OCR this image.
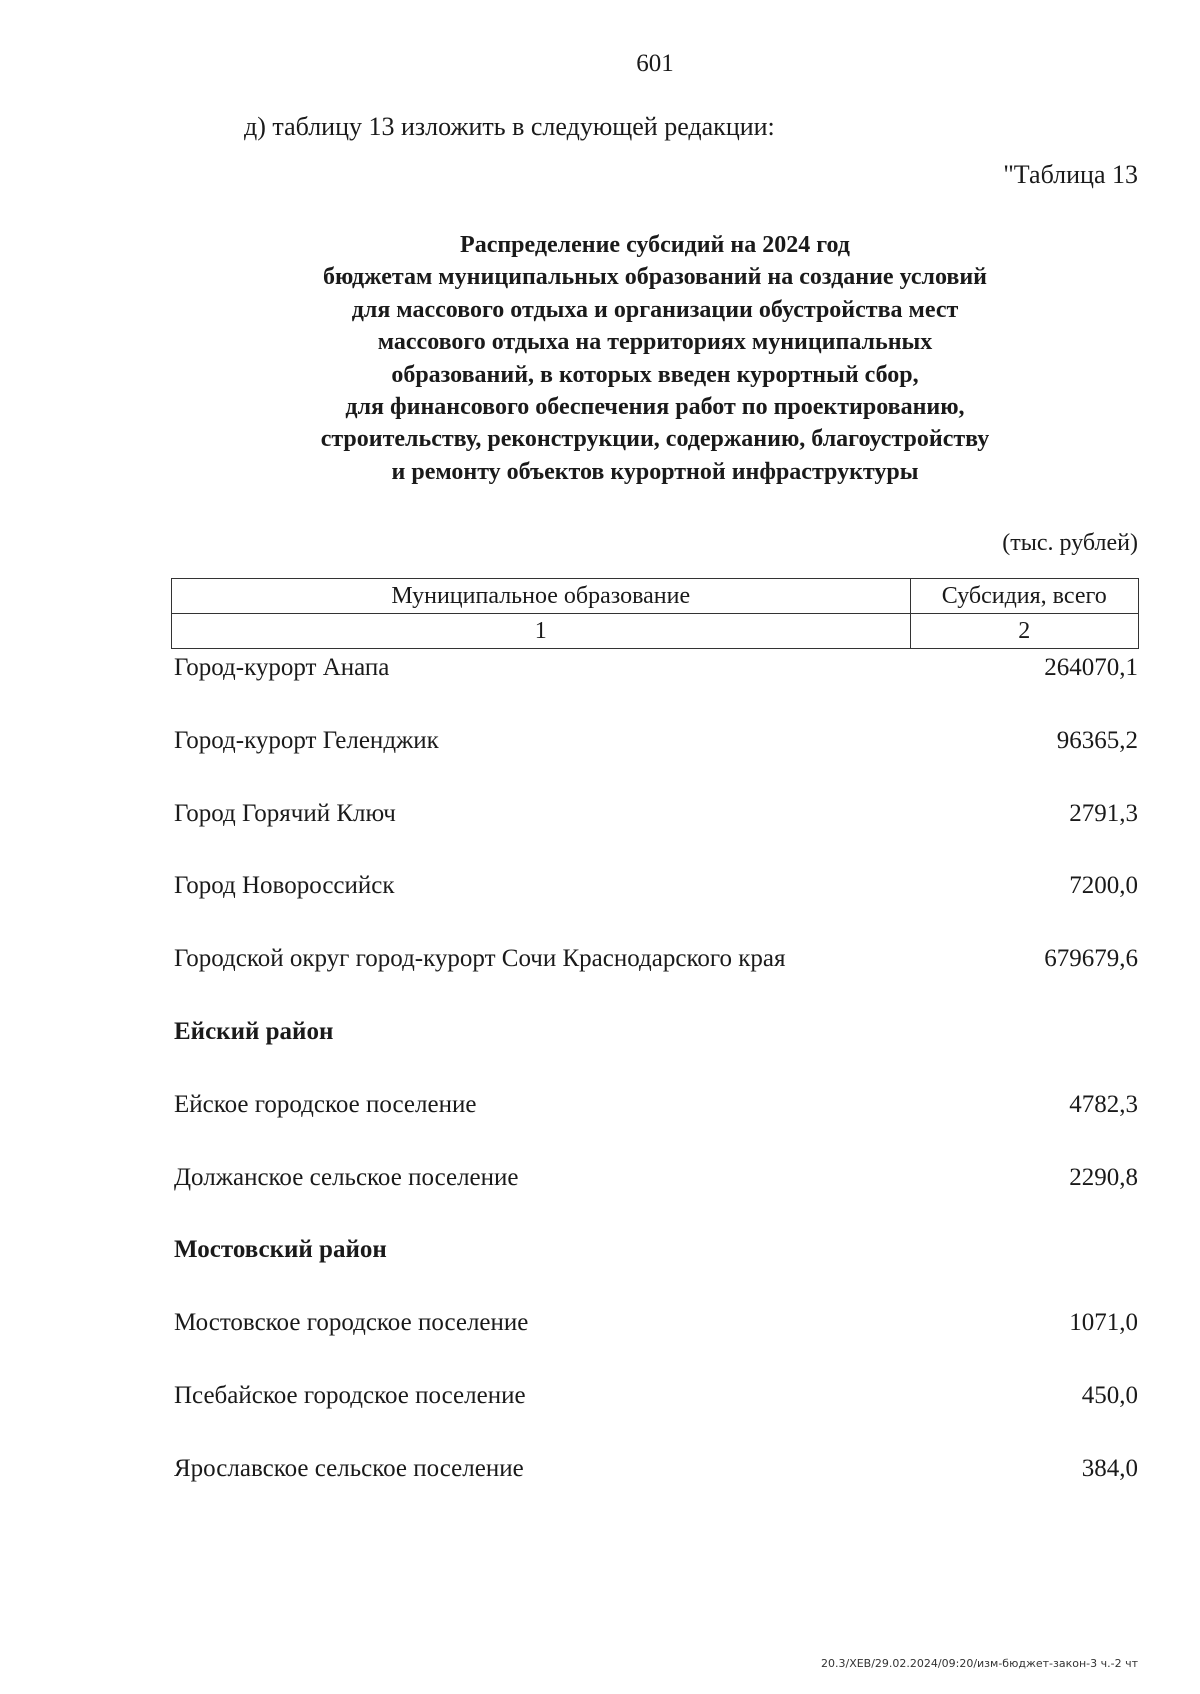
601
д) таблицу 13 изложить в следующей редакции:
"Таблица 13
Распределение субсидий на 2024 год
бюджетам муниципальных образований на создание условий
для массового отдыха и организации обустройства мест
массового отдыха на территориях муниципальных
образований, в которых введен курортный сбор,
для финансового обеспечения работ по проектированию,
строительству, реконструкции, содержанию, благоустройству
и ремонту объектов курортной инфраструктуры
(тыс. рублей)
Муниципальное образование	Субсидия, всего
1	2
Город-курорт Анапа	264070,1
Город-курорт Геленджик	96365,2
Город Горячий Ключ	2791,3
Город Новороссийск	7200,0
Городской округ город-курорт Сочи Краснодарского края	679679,6
Ейский район
Ейское городское поселение	4782,3
Должанское сельское поселение	2290,8
Мостовский район
Мостовское городское поселение	1071,0
Псебайское городское поселение	450,0
Ярославское сельское поселение	384,0
20.3/ХЕВ/29.02.2024/09:20/изм-бюджет-закон-3 ч.-2 чт
